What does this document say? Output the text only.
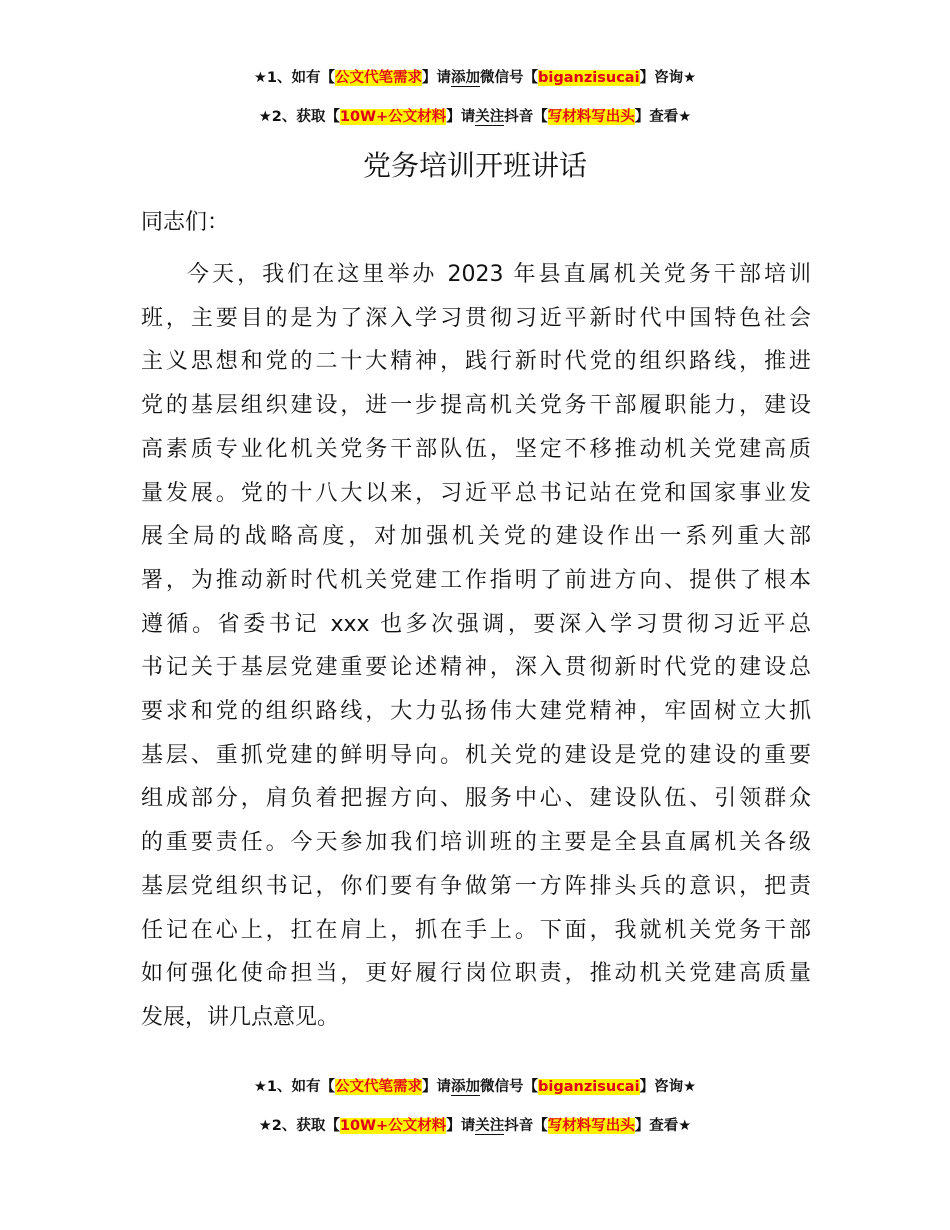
★1、如有【公文代笔需求】请添加微信号【biganzisucai】咨询★
★2、获取【10W+公文材料】请关注抖音【写材料写出头】查看★
党务培训开班讲话
同志们：
今天，我们在这里举办 2023 年县直属机关党务干部培训
班，主要目的是为了深入学习贯彻习近平新时代中国特色社会
主义思想和党的二十大精神，践行新时代党的组织路线，推进
党的基层组织建设，进一步提高机关党务干部履职能力，建设
高素质专业化机关党务干部队伍，坚定不移推动机关党建高质
量发展。党的十八大以来，习近平总书记站在党和国家事业发
展全局的战略高度，对加强机关党的建设作出一系列重大部
署，为推动新时代机关党建工作指明了前进方向、提供了根本
遵循。省委书记 xxx 也多次强调，要深入学习贯彻习近平总
书记关于基层党建重要论述精神，深入贯彻新时代党的建设总
要求和党的组织路线，大力弘扬伟大建党精神，牢固树立大抓
基层、重抓党建的鲜明导向。机关党的建设是党的建设的重要
组成部分，肩负着把握方向、服务中心、建设队伍、引领群众
的重要责任。今天参加我们培训班的主要是全县直属机关各级
基层党组织书记，你们要有争做第一方阵排头兵的意识，把责
任记在心上，扛在肩上，抓在手上。下面，我就机关党务干部
如何强化使命担当，更好履行岗位职责，推动机关党建高质量
发展，讲几点意见。
★1、如有【公文代笔需求】请添加微信号【biganzisucai】咨询★
★2、获取【10W+公文材料】请关注抖音【写材料写出头】查看★
